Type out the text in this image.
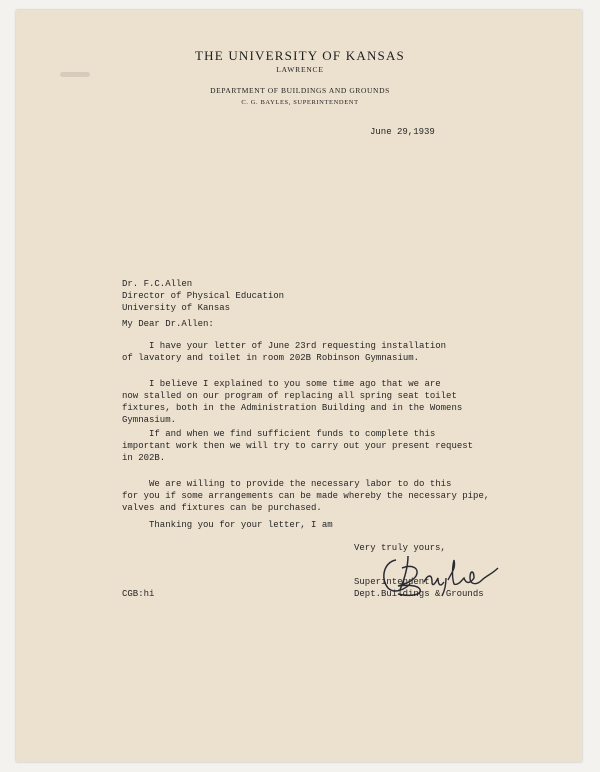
THE UNIVERSITY OF KANSAS
LAWRENCE
DEPARTMENT OF BUILDINGS AND GROUNDS
C. G. BAYLES, SUPERINTENDENT
June 29,1939
Dr. F.C.Allen
Director of Physical Education
University of Kansas
My Dear Dr.Allen:
I have your letter of June 23rd requesting installation
of lavatory and toilet in room 202B Robinson Gymnasium.
I believe I explained to you some time ago that we are
now stalled on our program of replacing all spring seat toilet
fixtures, both in the Administration Building and in the Womens
Gymnasium.
If and when we find sufficient funds to complete this
important work then we will try to carry out your present request
in 202B.
We are willing to provide the necessary labor to do this
for you if some arrangements can be made whereby the necessary pipe,
valves and fixtures can be purchased.
Thanking you for your letter, I am
Very truly yours,
Superintendent
Dept.Buildings & Grounds
CGB:hi
